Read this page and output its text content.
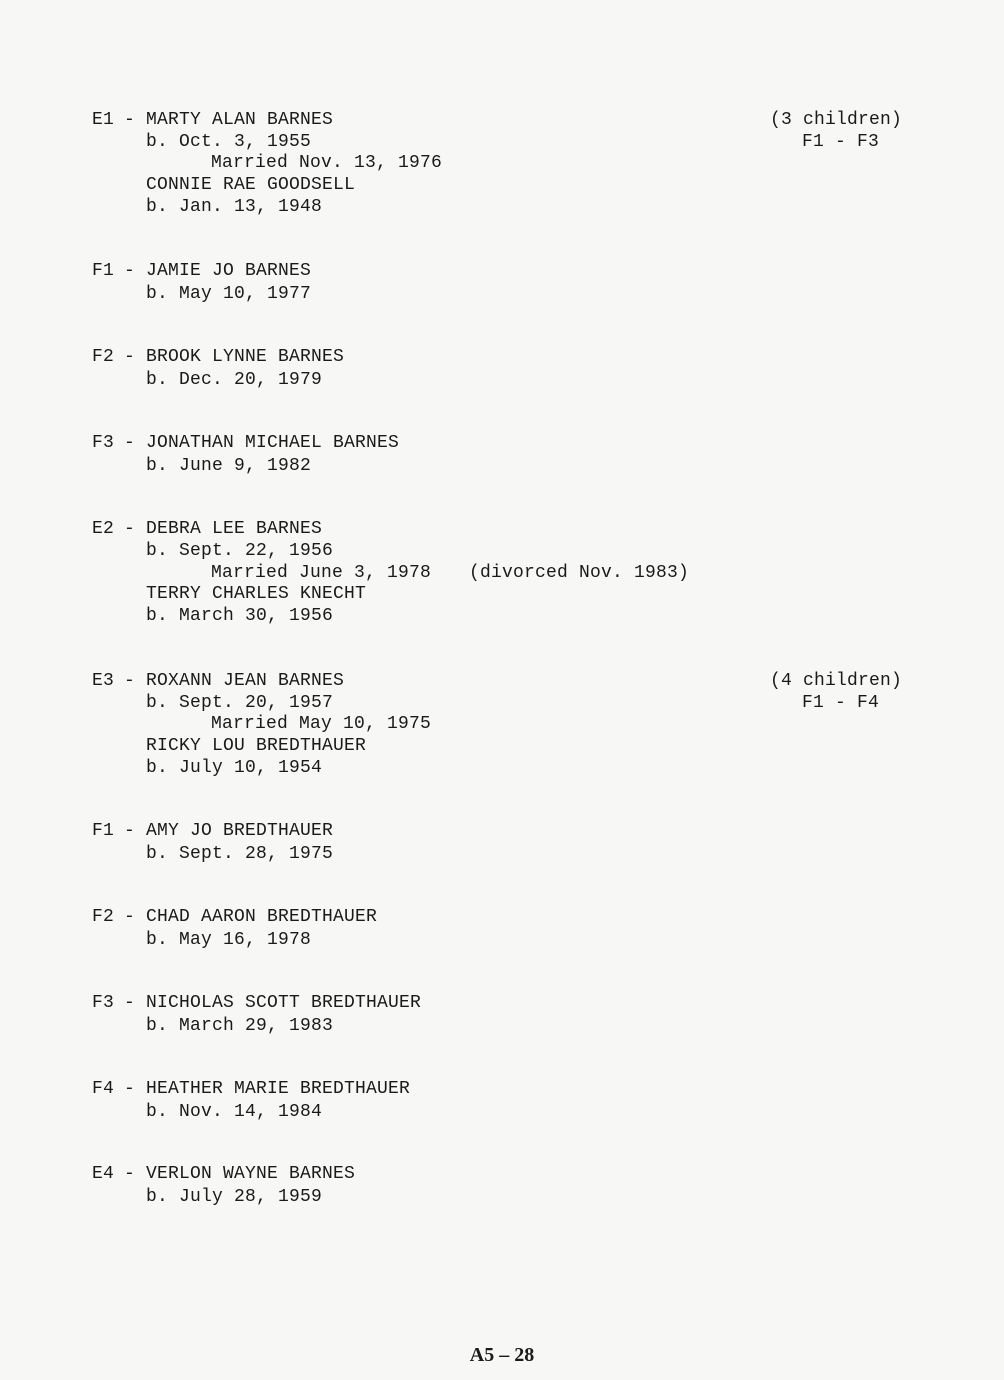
E1 - MARTY ALAN BARNES
b. Oct. 3, 1955
Married Nov. 13, 1976
CONNIE RAE GOODSELL
b. Jan. 13, 1948
(3 children)
F1 - F3
F1 - JAMIE JO BARNES
b. May 10, 1977
F2 - BROOK LYNNE BARNES
b. Dec. 20, 1979
F3 - JONATHAN MICHAEL BARNES
b. June 9, 1982
E2 - DEBRA LEE BARNES
b. Sept. 22, 1956
Married June 3, 1978 (divorced Nov. 1983)
TERRY CHARLES KNECHT
b. March 30, 1956
E3 - ROXANN JEAN BARNES
b. Sept. 20, 1957
Married May 10, 1975
RICKY LOU BREDTHAUER
b. July 10, 1954
(4 children)
F1 - F4
F1 - AMY JO BREDTHAUER
b. Sept. 28, 1975
F2 - CHAD AARON BREDTHAUER
b. May 16, 1978
F3 - NICHOLAS SCOTT BREDTHAUER
b. March 29, 1983
F4 - HEATHER MARIE BREDTHAUER
b. Nov. 14, 1984
E4 - VERLON WAYNE BARNES
b. July 28, 1959
A5 – 28
